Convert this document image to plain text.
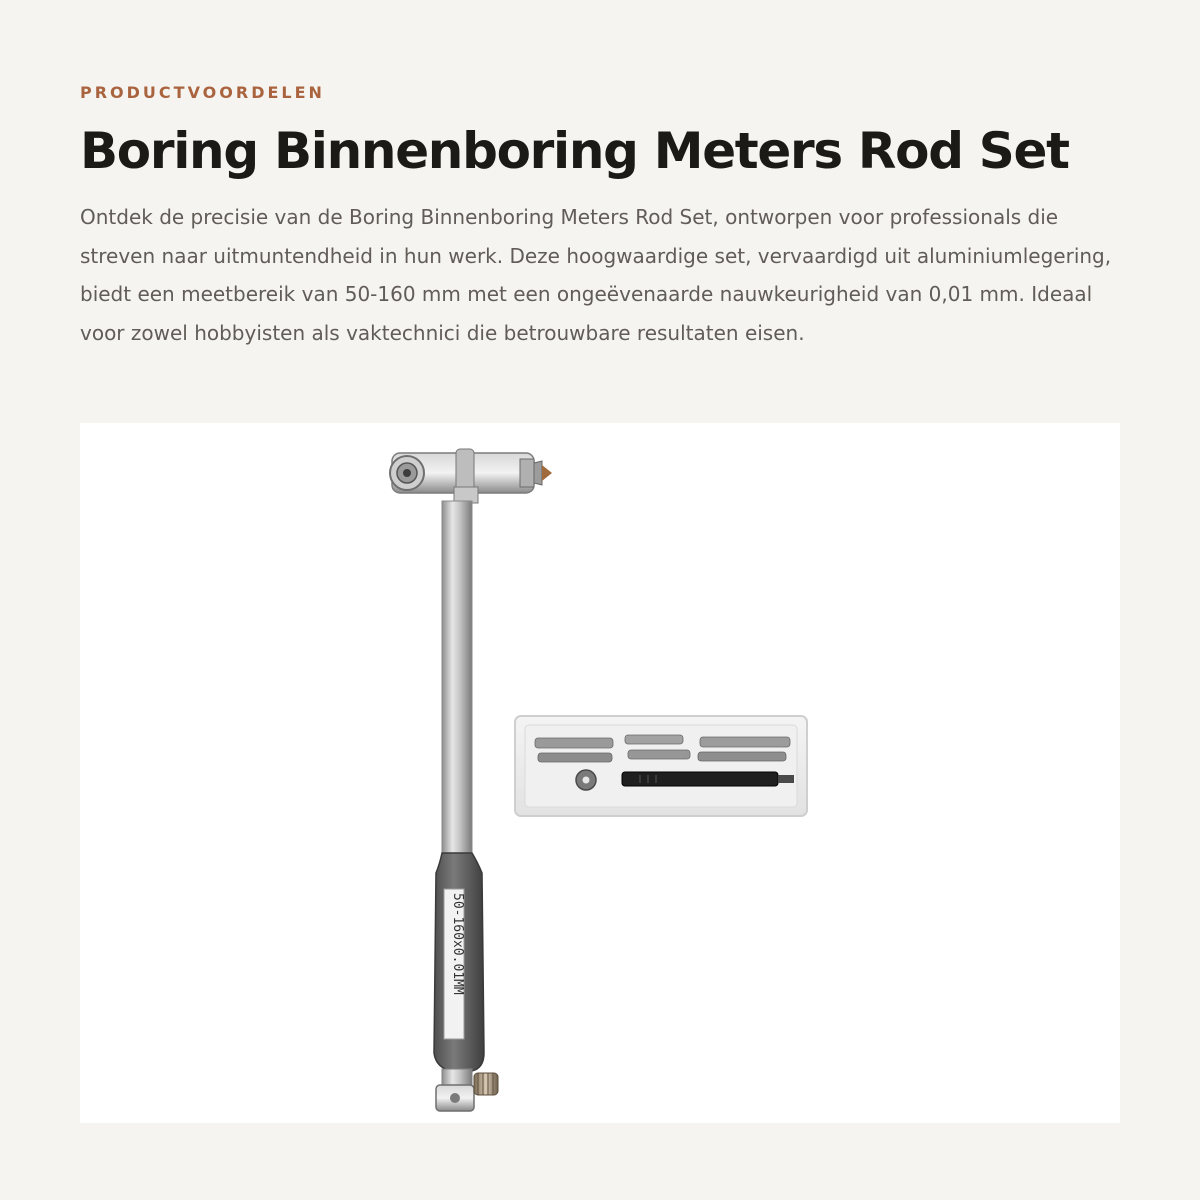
PRODUCTVOORDELEN
Boring Binnenboring Meters Rod Set

Ontdek de precisie van de Boring Binnenboring Meters Rod Set, ontworpen voor professionals die streven naar uitmuntendheid in hun werk. Deze hoogwaardige set, vervaardigd uit aluminiumlegering, biedt een meetbereik van 50-160 mm met een ongeëvenaarde nauwkeurigheid van 0,01 mm. Ideaal voor zowel hobbyisten als vaktechnici die betrouwbare resultaten eisen.

50-160x0.01MM
